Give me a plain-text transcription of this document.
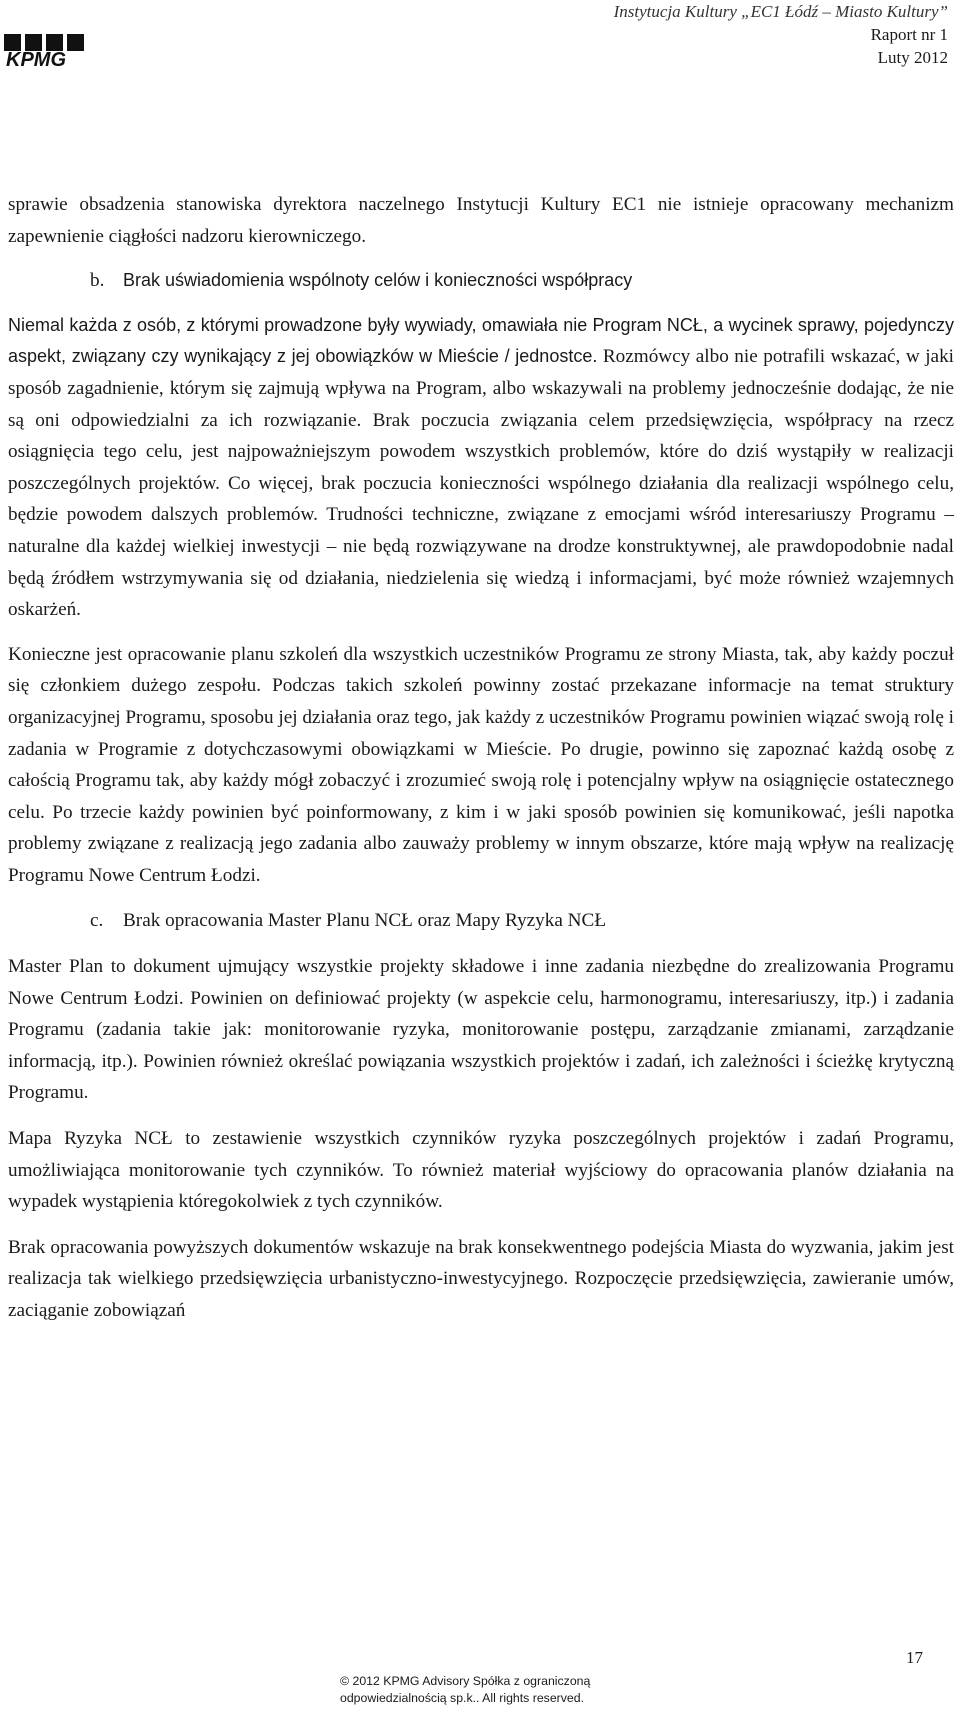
KPMG
Instytucja Kultury „EC1 Łódź – Miasto Kultury”
Raport nr 1
Luty 2012

sprawie obsadzenia stanowiska dyrektora naczelnego Instytucji Kultury EC1 nie istnieje opracowany mechanizm zapewnienie ciągłości nadzoru kierowniczego.

b. Brak uświadomienia wspólnoty celów i konieczności współpracy

Niemal każda z osób, z którymi prowadzone były wywiady, omawiała nie Program NCŁ, a wycinek sprawy, pojedynczy aspekt, związany czy wynikający z jej obowiązków w Mieście / jednostce. Rozmówcy albo nie potrafili wskazać, w jaki sposób zagadnienie, którym się zajmują wpływa na Program, albo wskazywali na problemy jednocześnie dodając, że nie są oni odpowiedzialni za ich rozwiązanie. Brak poczucia związania celem przedsięwzięcia, współpracy na rzecz osiągnięcia tego celu, jest najpoważniejszym powodem wszystkich problemów, które do dziś wystąpiły w realizacji poszczególnych projektów. Co więcej, brak poczucia konieczności wspólnego działania dla realizacji wspólnego celu, będzie powodem dalszych problemów. Trudności techniczne, związane z emocjami wśród interesariuszy Programu – naturalne dla każdej wielkiej inwestycji – nie będą rozwiązywane na drodze konstruktywnej, ale prawdopodobnie nadal będą źródłem wstrzymywania się od działania, niedzielenia się wiedzą i informacjami, być może również wzajemnych oskarżeń.

Konieczne jest opracowanie planu szkoleń dla wszystkich uczestników Programu ze strony Miasta, tak, aby każdy poczuł się członkiem dużego zespołu. Podczas takich szkoleń powinny zostać przekazane informacje na temat struktury organizacyjnej Programu, sposobu jej działania oraz tego, jak każdy z uczestników Programu powinien wiązać swoją rolę i zadania w Programie z dotychczasowymi obowiązkami w Mieście. Po drugie, powinno się zapoznać każdą osobę z całością Programu tak, aby każdy mógł zobaczyć i zrozumieć swoją rolę i potencjalny wpływ na osiągnięcie ostatecznego celu. Po trzecie każdy powinien być poinformowany, z kim i w jaki sposób powinien się komunikować, jeśli napotka problemy związane z realizacją jego zadania albo zauważy problemy w innym obszarze, które mają wpływ na realizację Programu Nowe Centrum Łodzi.

c. Brak opracowania Master Planu NCŁ oraz Mapy Ryzyka NCŁ

Master Plan to dokument ujmujący wszystkie projekty składowe i inne zadania niezbędne do zrealizowania Programu Nowe Centrum Łodzi. Powinien on definiować projekty (w aspekcie celu, harmonogramu, interesariuszy, itp.) i zadania Programu (zadania takie jak: monitorowanie ryzyka, monitorowanie postępu, zarządzanie zmianami, zarządzanie informacją, itp.). Powinien również określać powiązania wszystkich projektów i zadań, ich zależności i ścieżkę krytyczną Programu.

Mapa Ryzyka NCŁ to zestawienie wszystkich czynników ryzyka poszczególnych projektów i zadań Programu, umożliwiająca monitorowanie tych czynników. To również materiał wyjściowy do opracowania planów działania na wypadek wystąpienia któregokolwiek z tych czynników.

Brak opracowania powyższych dokumentów wskazuje na brak konsekwentnego podejścia Miasta do wyzwania, jakim jest realizacja tak wielkiego przedsięwzięcia urbanistyczno-inwestycyjnego. Rozpoczęcie przedsięwzięcia, zawieranie umów, zaciąganie zobowiązań

17
© 2012 KPMG Advisory Spółka z ograniczoną
odpowiedzialnością sp.k.. All rights reserved.
